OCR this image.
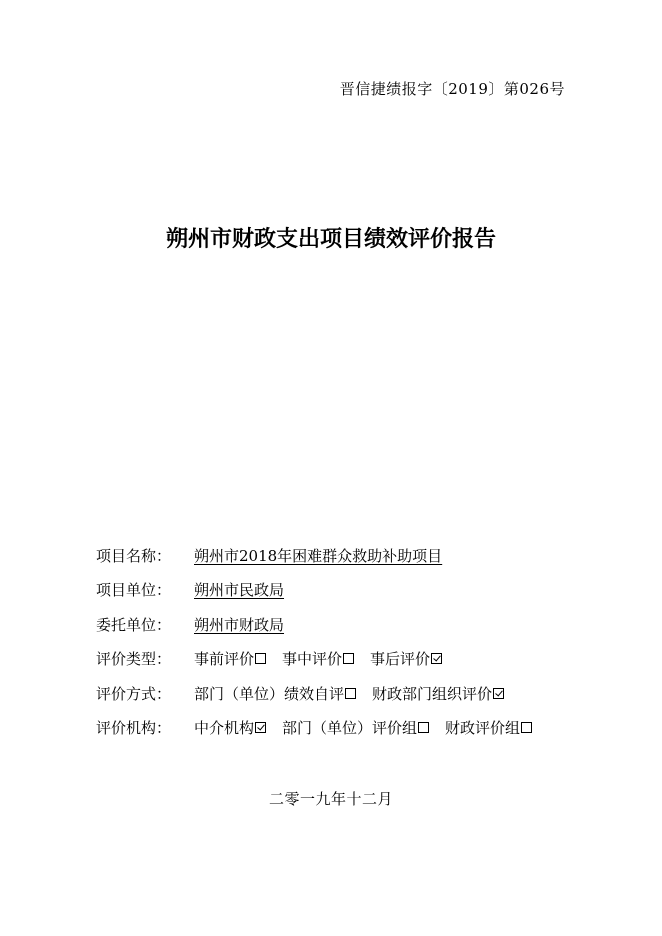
晋信捷绩报字〔2019〕第026号
朔州市财政支出项目绩效评价报告
项目名称：	朔州市2018年困难群众救助补助项目
项目单位：	朔州市民政局
委托单位：	朔州市财政局
评价类型：	事前评价 事中评价 事后评价
评价方式：	部门（单位）绩效自评 财政部门组织评价
评价机构：	中介机构 部门（单位）评价组 财政评价组
二零一九年十二月
